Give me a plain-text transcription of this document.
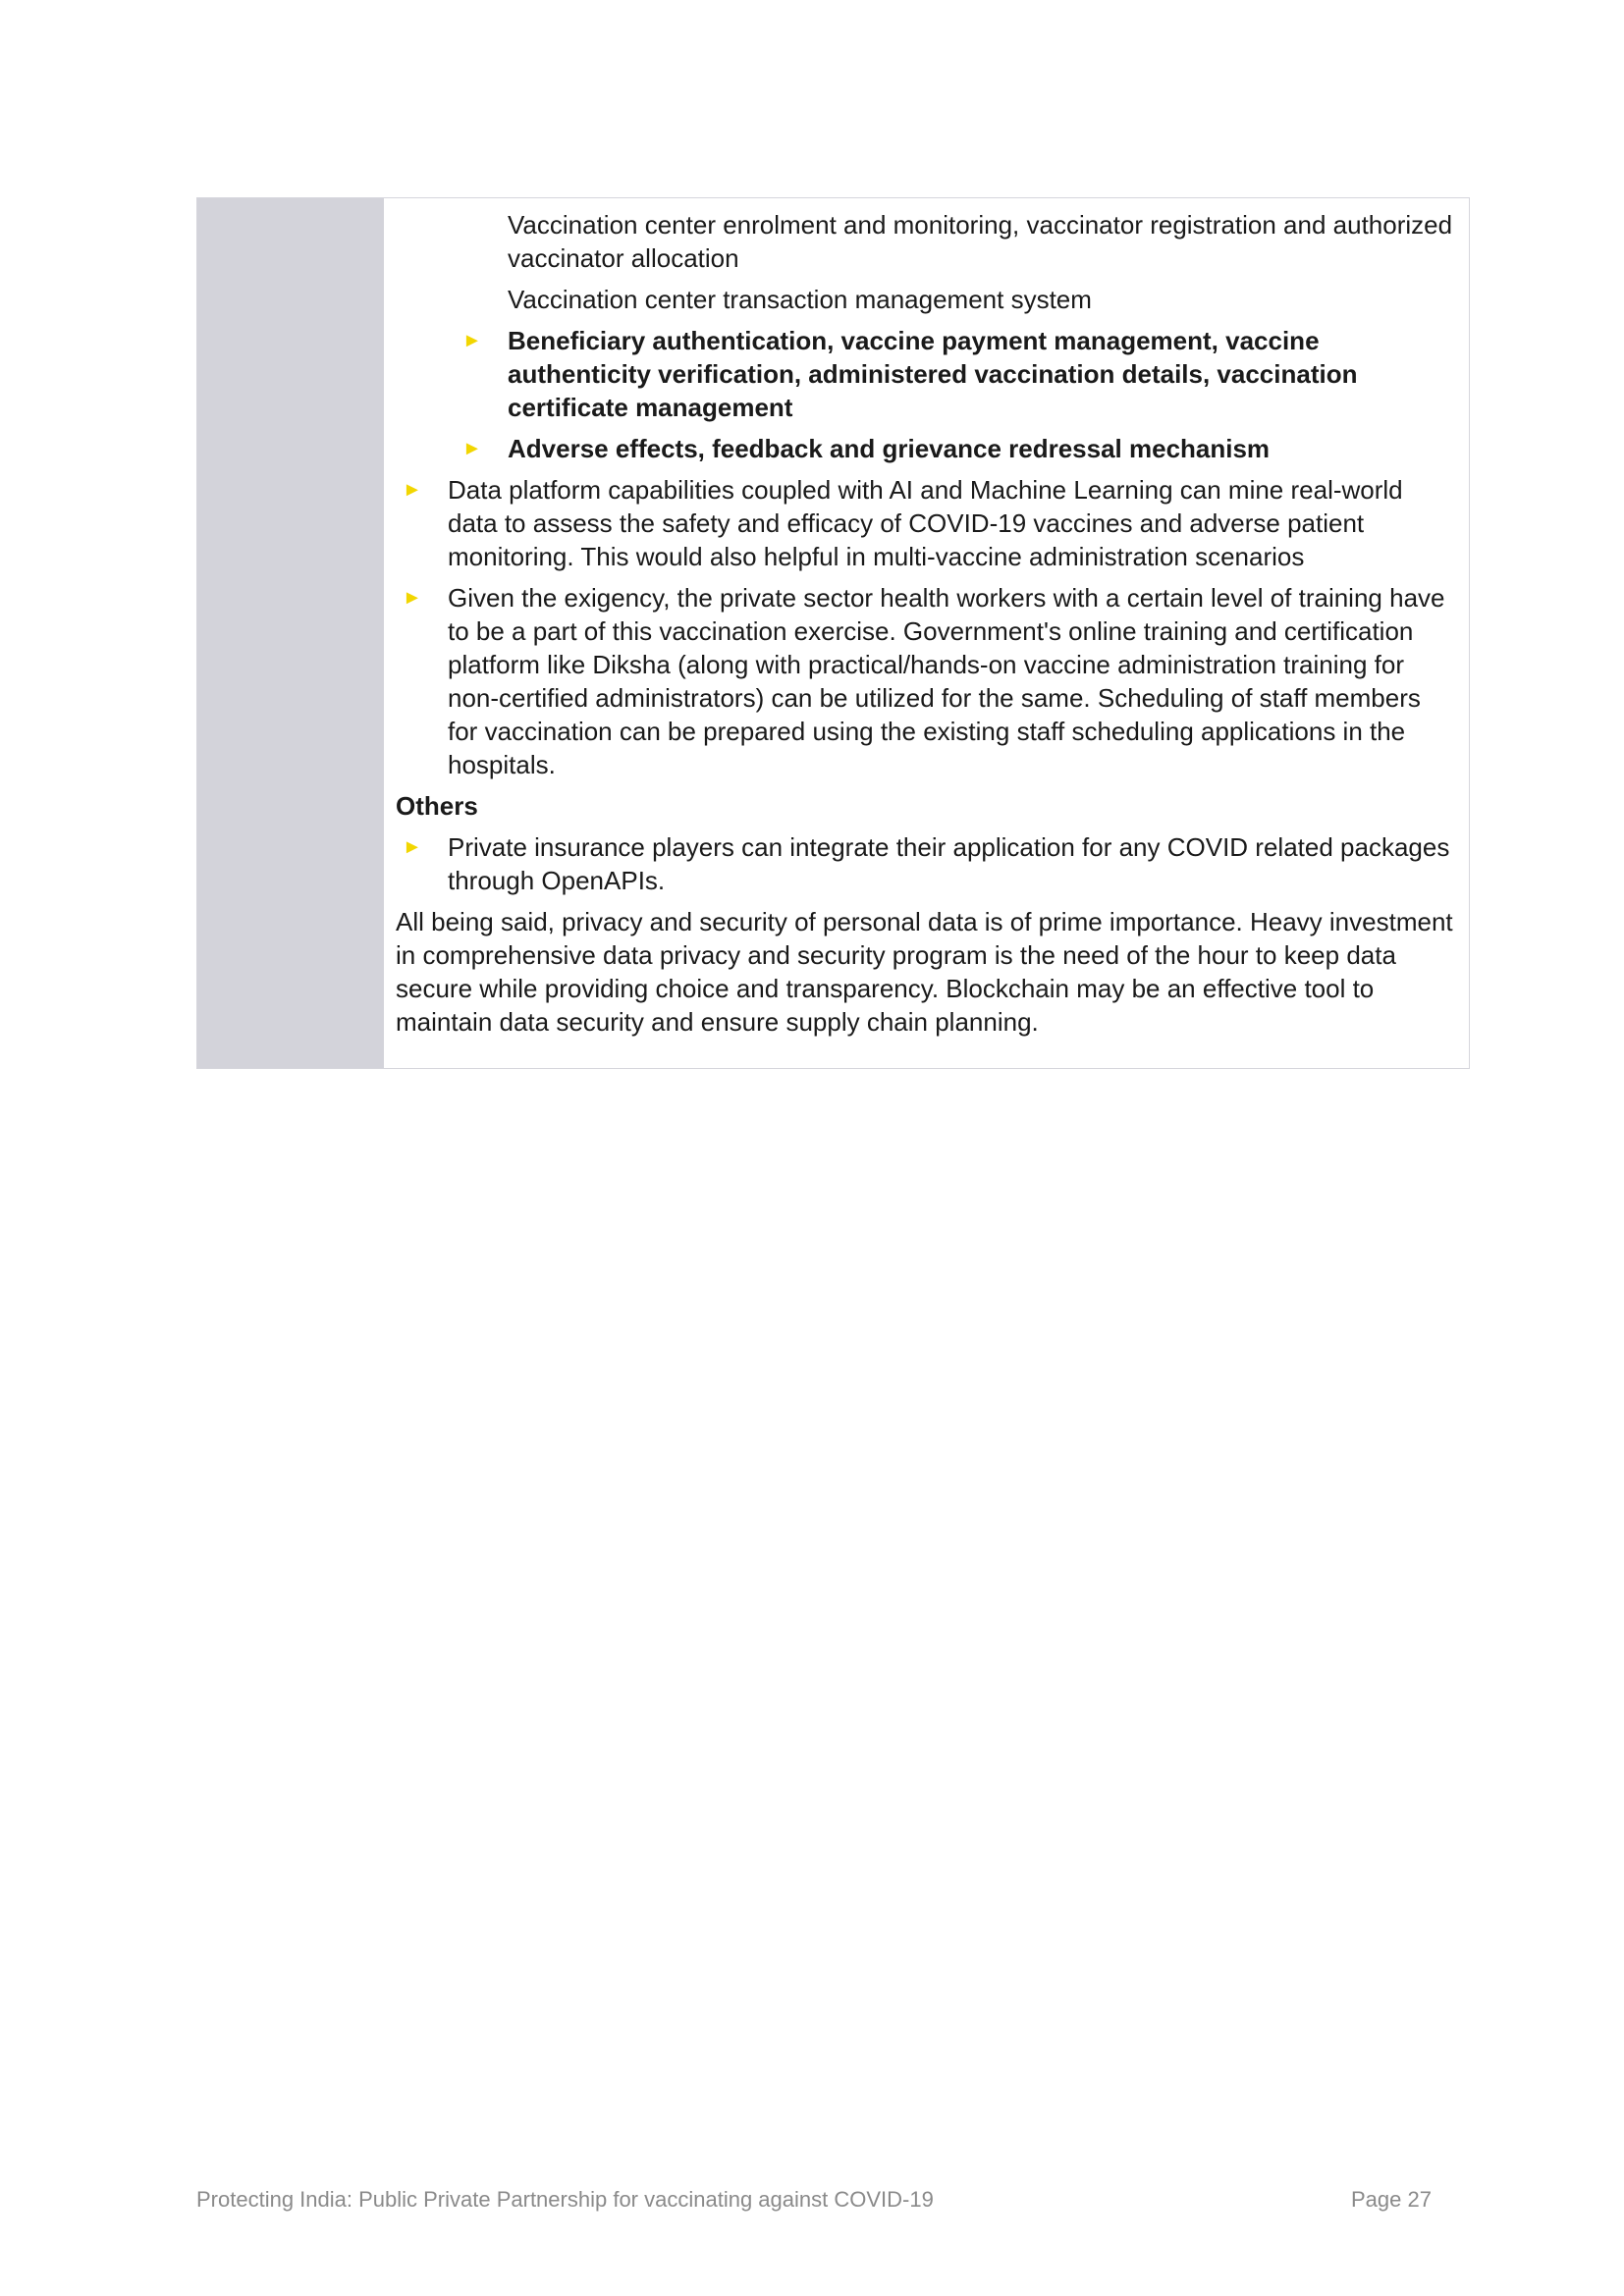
Vaccination center enrolment and monitoring, vaccinator registration and authorized vaccinator allocation

Vaccination center transaction management system

► Beneficiary authentication, vaccine payment management, vaccine authenticity verification, administered vaccination details, vaccination certificate management
► Adverse effects, feedback and grievance redressal mechanism
► Data platform capabilities coupled with AI and Machine Learning can mine real-world data to assess the safety and efficacy of COVID-19 vaccines and adverse patient monitoring. This would also helpful in multi-vaccine administration scenarios
► Given the exigency, the private sector health workers with a certain level of training have to be a part of this vaccination exercise. Government's online training and certification platform like Diksha (along with practical/hands-on vaccine administration training for non-certified administrators) can be utilized for the same. Scheduling of staff members for vaccination can be prepared using the existing staff scheduling applications in the hospitals.

Others

► Private insurance players can integrate their application for any COVID related packages through OpenAPIs.

All being said, privacy and security of personal data is of prime importance. Heavy investment in comprehensive data privacy and security program is the need of the hour to keep data secure while providing choice and transparency. Blockchain may be an effective tool to maintain data security and ensure supply chain planning.

Protecting India: Public Private Partnership for vaccinating against COVID-19	Page 27
